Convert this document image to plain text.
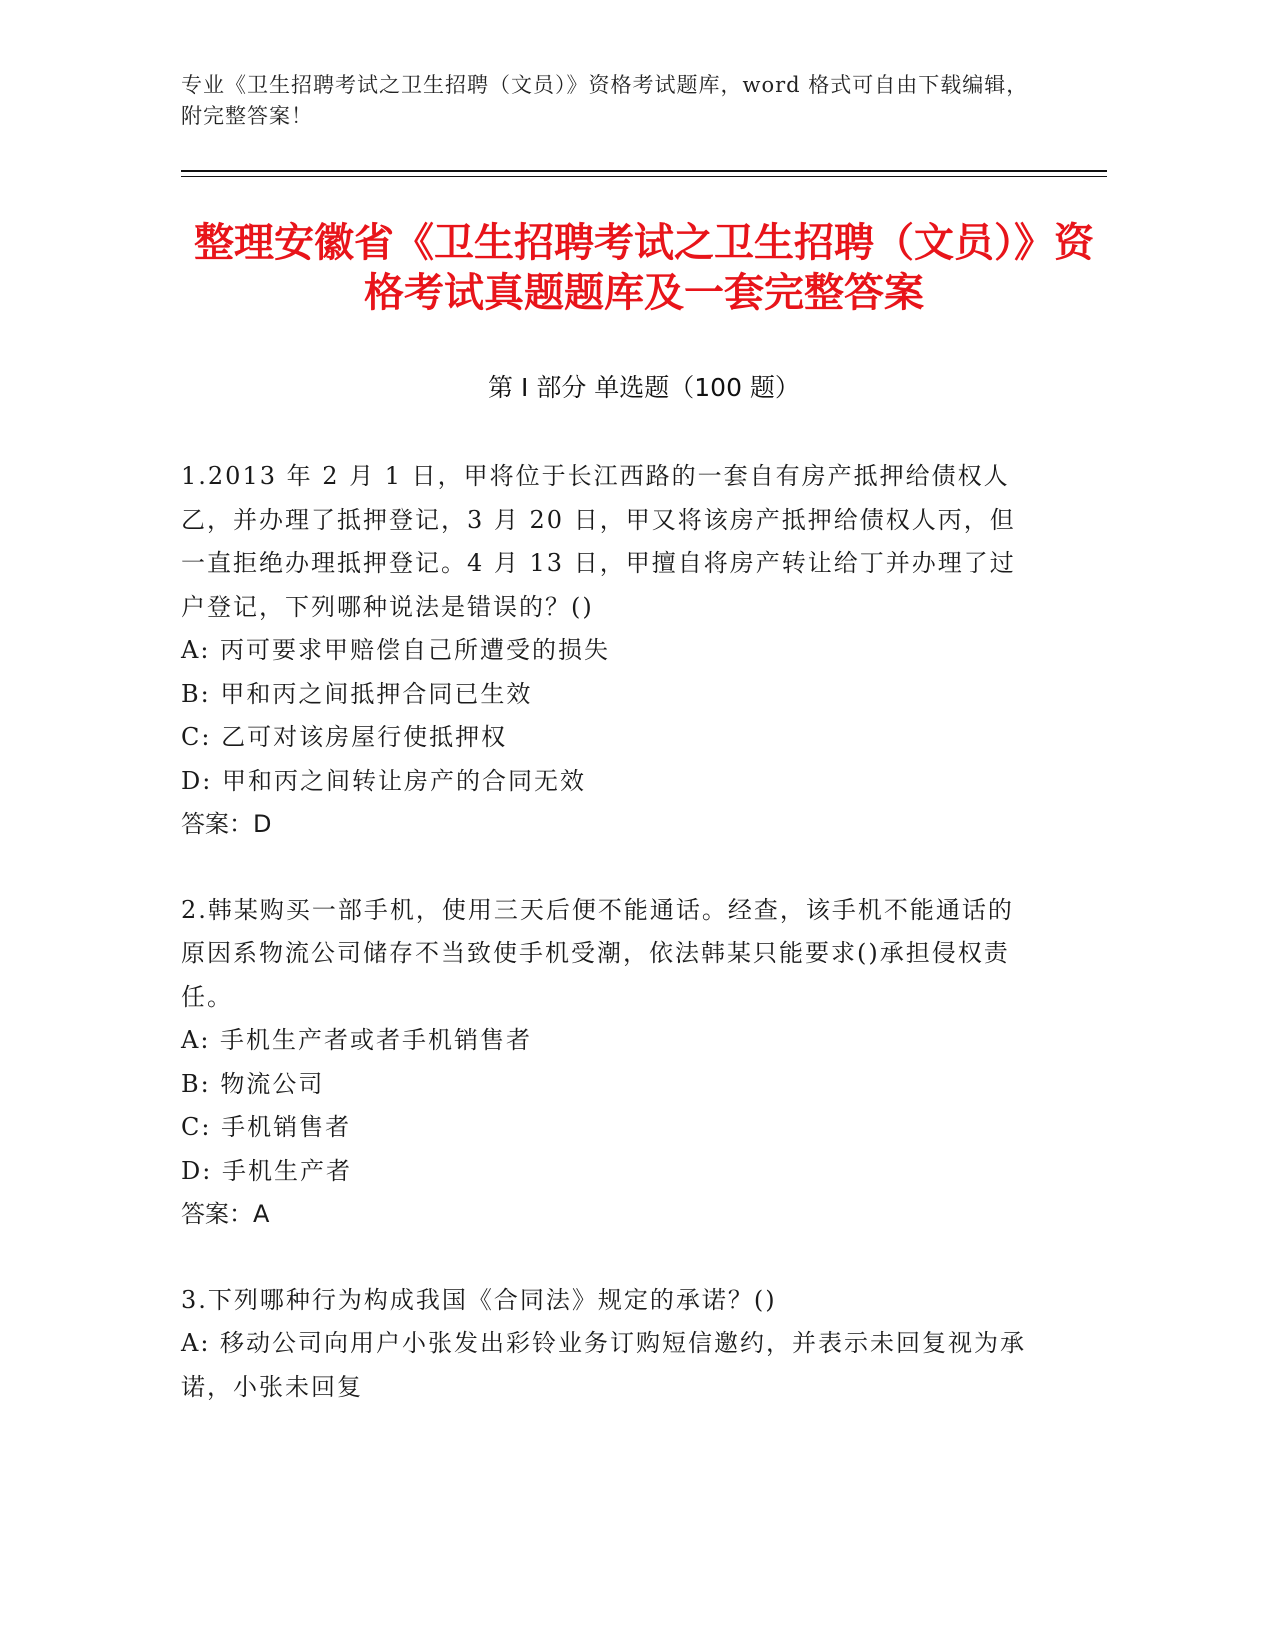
专业《卫生招聘考试之卫生招聘（文员）》资格考试题库，word 格式可自由下载编辑，附完整答案！
整理安徽省《卫生招聘考试之卫生招聘（文员）》资格考试真题题库及一套完整答案
第 I 部分 单选题（100 题）

1.2013 年 2 月 1 日，甲将位于长江西路的一套自有房产抵押给债权人乙，并办理了抵押登记，3 月 20 日，甲又将该房产抵押给债权人丙，但一直拒绝办理抵押登记。4 月 13 日，甲擅自将房产转让给丁并办理了过户登记，下列哪种说法是错误的？()

A: 丙可要求甲赔偿自己所遭受的损失

B: 甲和丙之间抵押合同已生效

C: 乙可对该房屋行使抵押权

D: 甲和丙之间转让房产的合同无效

答案：D

2.韩某购买一部手机，使用三天后便不能通话。经查，该手机不能通话的原因系物流公司储存不当致使手机受潮，依法韩某只能要求()承担侵权责任。

A: 手机生产者或者手机销售者

B: 物流公司

C: 手机销售者

D: 手机生产者

答案：A

3.下列哪种行为构成我国《合同法》规定的承诺？()

A: 移动公司向用户小张发出彩铃业务订购短信邀约，并表示未回复视为承诺，小张未回复
